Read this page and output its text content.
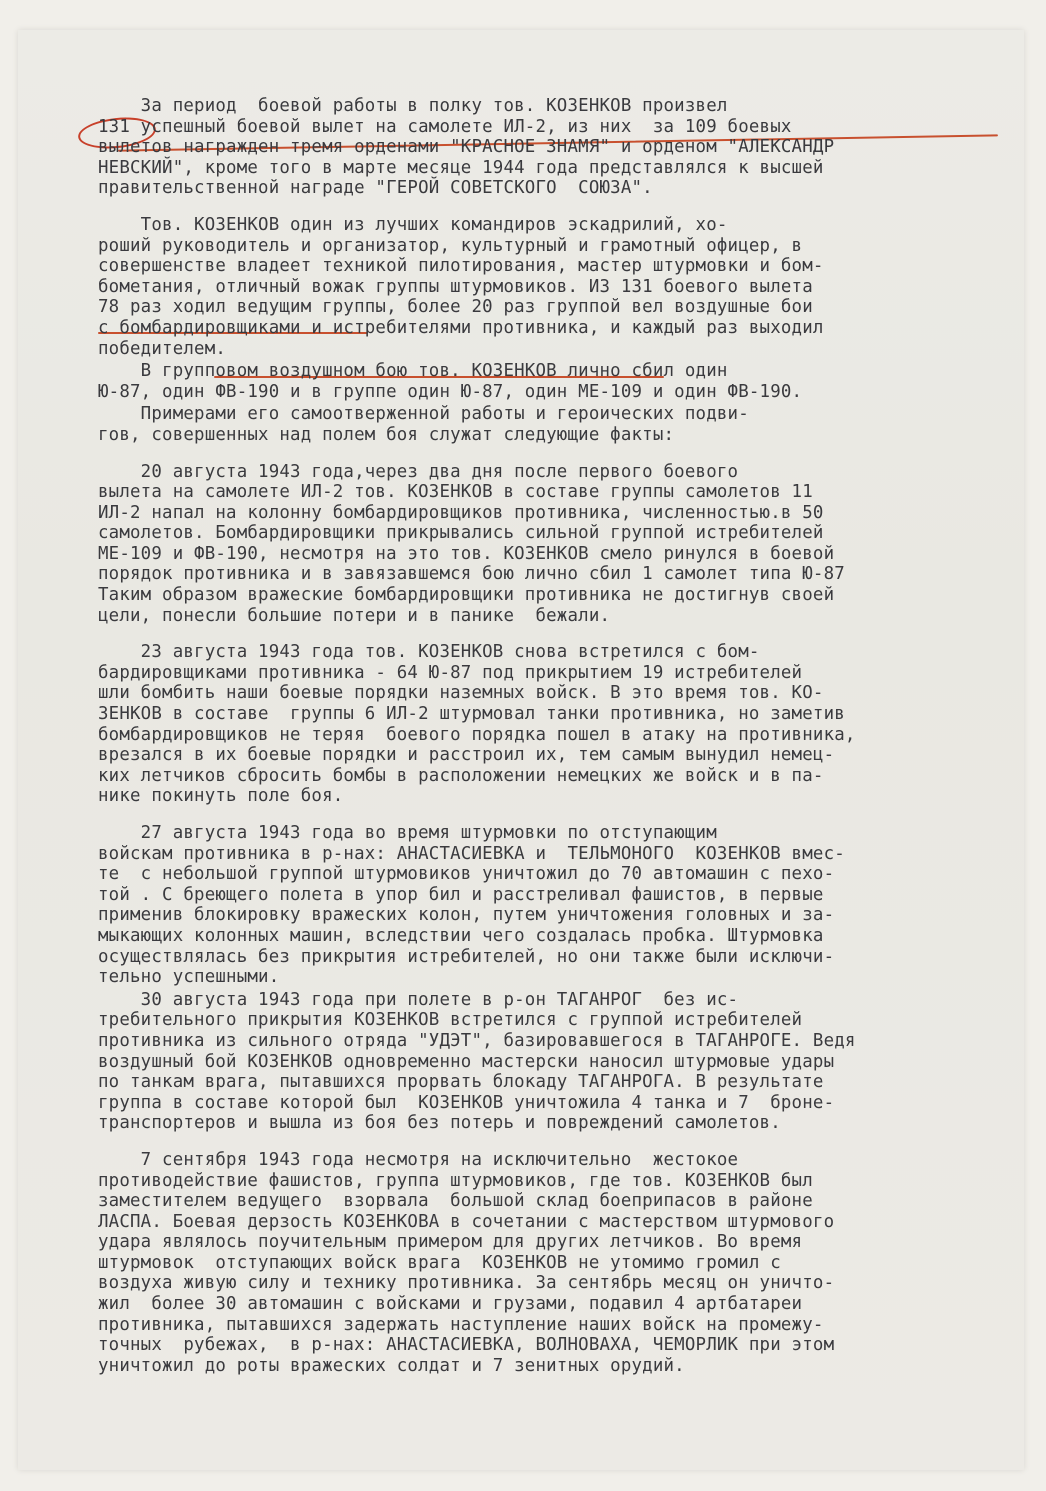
За период  боевой работы в полку тов. КОЗЕНКОВ произвел
131 успешный боевой вылет на самолете ИЛ-2, из них  за 109 боевых
вылетов награжден тремя орденами "КРАСНОЕ ЗНАМЯ" и орденом "АЛЕКСАНДР
НЕВСКИЙ", кроме того в марте месяце 1944 года представлялся к высшей
правительственной награде "ГЕРОЙ СОВЕТСКОГО  СОЮЗА".
Тов. КОЗЕНКОВ один из лучших командиров эскадрилий, хо-
роший руководитель и организатор, культурный и грамотный офицер, в
совершенстве владеет техникой пилотирования, мастер штурмовки и бом-
бометания, отличный вожак группы штурмовиков. ИЗ 131 боевого вылета
78 раз ходил ведущим группы, более 20 раз группой вел воздушные бои
с бомбардировщиками и истребителями противника, и каждый раз выходил
победителем.
В групповом воздушном бою тов. КОЗЕНКОВ лично сбил один
Ю-87, один ФВ-190 и в группе один Ю-87, один МЕ-109 и один ФВ-190.
Примерами его самоотверженной работы и героических подви-
гов, совершенных над полем боя служат следующие факты:
20 августа 1943 года,через два дня после первого боевого
вылета на самолете ИЛ-2 тов. КОЗЕНКОВ в составе группы самолетов 11
ИЛ-2 напал на колонну бомбардировщиков противника, численностью.в 50
самолетов. Бомбардировщики прикрывались сильной группой истребителей
МЕ-109 и ФВ-190, несмотря на это тов. КОЗЕНКОВ смело ринулся в боевой
порядок противника и в завязавшемся бою лично сбил 1 самолет типа Ю-87
Таким образом вражеские бомбардировщики противника не достигнув своей
цели, понесли большие потери и в панике  бежали.
23 августа 1943 года тов. КОЗЕНКОВ снова встретился с бом-
бардировщиками противника - 64 Ю-87 под прикрытием 19 истребителей
шли бомбить наши боевые порядки наземных войск. В это время тов. КО-
ЗЕНКОВ в составе  группы 6 ИЛ-2 штурмовал танки противника, но заметив
бомбардировщиков не теряя  боевого порядка пошел в атаку на противника,
врезался в их боевые порядки и расстроил их, тем самым вынудил немец-
ких летчиков сбросить бомбы в расположении немецких же войск и в па-
нике покинуть поле боя.
27 августа 1943 года во время штурмовки по отступающим
войскам противника в р-нах: АНАСТАСИЕВКА и  ТЕЛЬМОНОГО  КОЗЕНКОВ вмес-
те  с небольшой группой штурмовиков уничтожил до 70 автомашин с пехо-
той . С бреющего полета в упор бил и расстреливал фашистов, в первые
применив блокировку вражеских колон, путем уничтожения головных и за-
мыкающих колонных машин, вследствии чего создалась пробка. Штурмовка
осуществлялась без прикрытия истребителей, но они также были исключи-
тельно успешными.
30 августа 1943 года при полете в р-он ТАГАНРОГ  без ис-
требительного прикрытия КОЗЕНКОВ встретился с группой истребителей
противника из сильного отряда "УДЭТ", базировавшегося в ТАГАНРОГЕ. Ведя
воздушный бой КОЗЕНКОВ одновременно мастерски наносил штурмовые удары
по танкам врага, пытавшихся прорвать блокаду ТАГАНРОГА. В результате
группа в составе которой был  КОЗЕНКОВ уничтожила 4 танка и 7  броне-
транспортеров и вышла из боя без потерь и повреждений самолетов.
7 сентября 1943 года несмотря на исключительно  жестокое
противодействие фашистов, группа штурмовиков, где тов. КОЗЕНКОВ был
заместителем ведущего  взорвала  большой склад боеприпасов в районе
ЛАСПА. Боевая дерзость КОЗЕНКОВА в сочетании с мастерством штурмового
удара являлось поучительным примером для других летчиков. Во время
штурмовок  отступающих войск врага  КОЗЕНКОВ не утомимо громил с
воздуха живую силу и технику противника. За сентябрь месяц он уничто-
жил  более 30 автомашин с войсками и грузами, подавил 4 артбатареи
противника, пытавшихся задержать наступление наших войск на промежу-
точных  рубежах,  в р-нах: АНАСТАСИЕВКА, ВОЛНОВАХА, ЧЕМОРЛИК при этом
уничтожил до роты вражеских солдат и 7 зенитных орудий.
